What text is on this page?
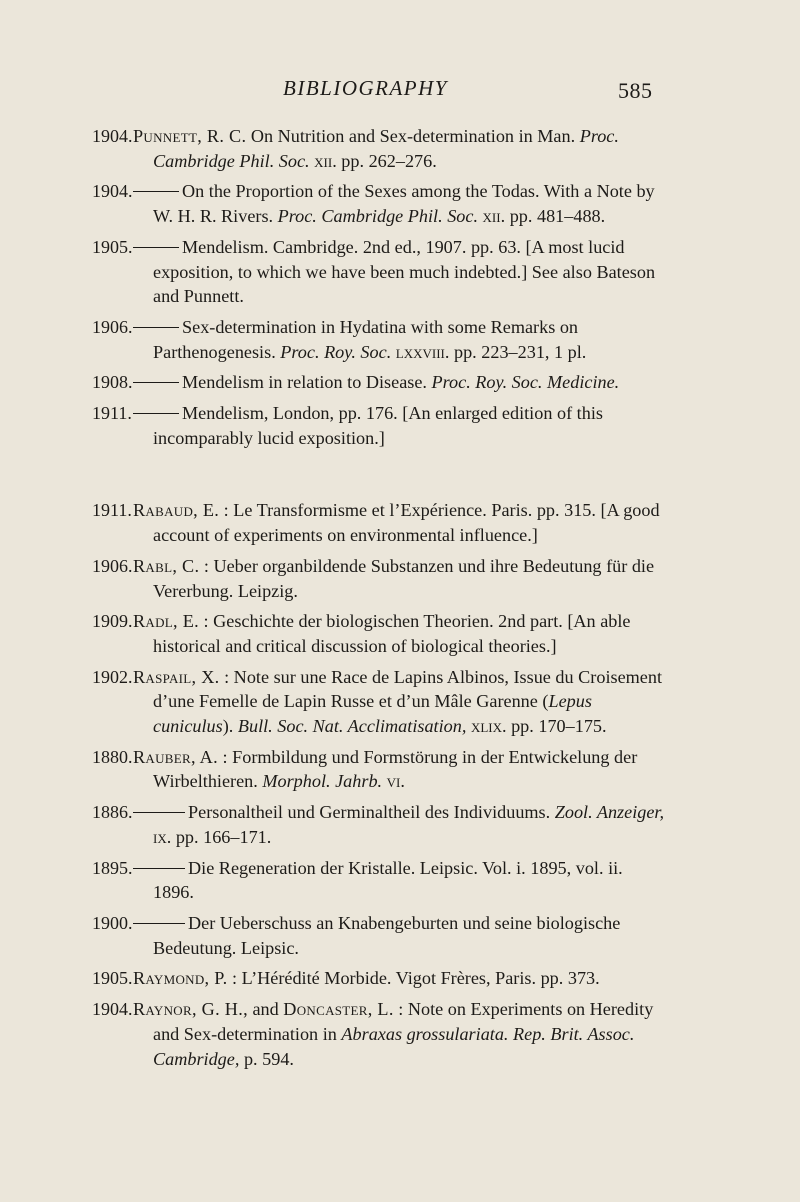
BIBLIOGRAPHY	585
1904. Punnett, R. C. On Nutrition and Sex-determination in Man. Proc. Cambridge Phil. Soc. xii. pp. 262–276.
1904.	On the Proportion of the Sexes among the Todas. With a Note by W. H. R. Rivers. Proc. Cambridge Phil. Soc. xii. pp. 481–488.
1905.	Mendelism. Cambridge. 2nd ed., 1907. pp. 63. [A most lucid exposition, to which we have been much indebted.] See also Bateson and Punnett.
1906.	Sex-determination in Hydatina with some Remarks on Parthenogenesis. Proc. Roy. Soc. lxxviii. pp. 223–231, 1 pl.
1908.	Mendelism in relation to Disease. Proc. Roy. Soc. Medicine.
1911.	Mendelism, London, pp. 176. [An enlarged edition of this incomparably lucid exposition.]
1911. Rabaud, E. : Le Transformisme et l’Expérience. Paris. pp. 315. [A good account of experiments on environmental influence.]
1906. Rabl, C. : Ueber organbildende Substanzen und ihre Bedeutung für die Vererbung. Leipzig.
1909. Radl, E. : Geschichte der biologischen Theorien. 2nd part. [An able historical and critical discussion of biological theories.]
1902. Raspail, X. : Note sur une Race de Lapins Albinos, Issue du Croisement d’une Femelle de Lapin Russe et d’un Mâle Garenne (Lepus cuniculus). Bull. Soc. Nat. Acclimatisation, xlix. pp. 170–175.
1880. Rauber, A. : Formbildung und Formstörung in der Entwickelung der Wirbelthieren. Morphol. Jahrb. vi.
1886.	Personaltheil und Germinaltheil des Individuums. Zool. Anzeiger, ix. pp. 166–171.
1895.	Die Regeneration der Kristalle. Leipsic. Vol. i. 1895, vol. ii. 1896.
1900.	Der Ueberschuss an Knabengeburten und seine biologische Bedeutung. Leipsic.
1905. Raymond, P. : L’Hérédité Morbide. Vigot Frères, Paris. pp. 373.
1904. Raynor, G. H., and Doncaster, L. : Note on Experiments on Heredity and Sex-determination in Abraxas grossulariata. Rep. Brit. Assoc. Cambridge, p. 594.
